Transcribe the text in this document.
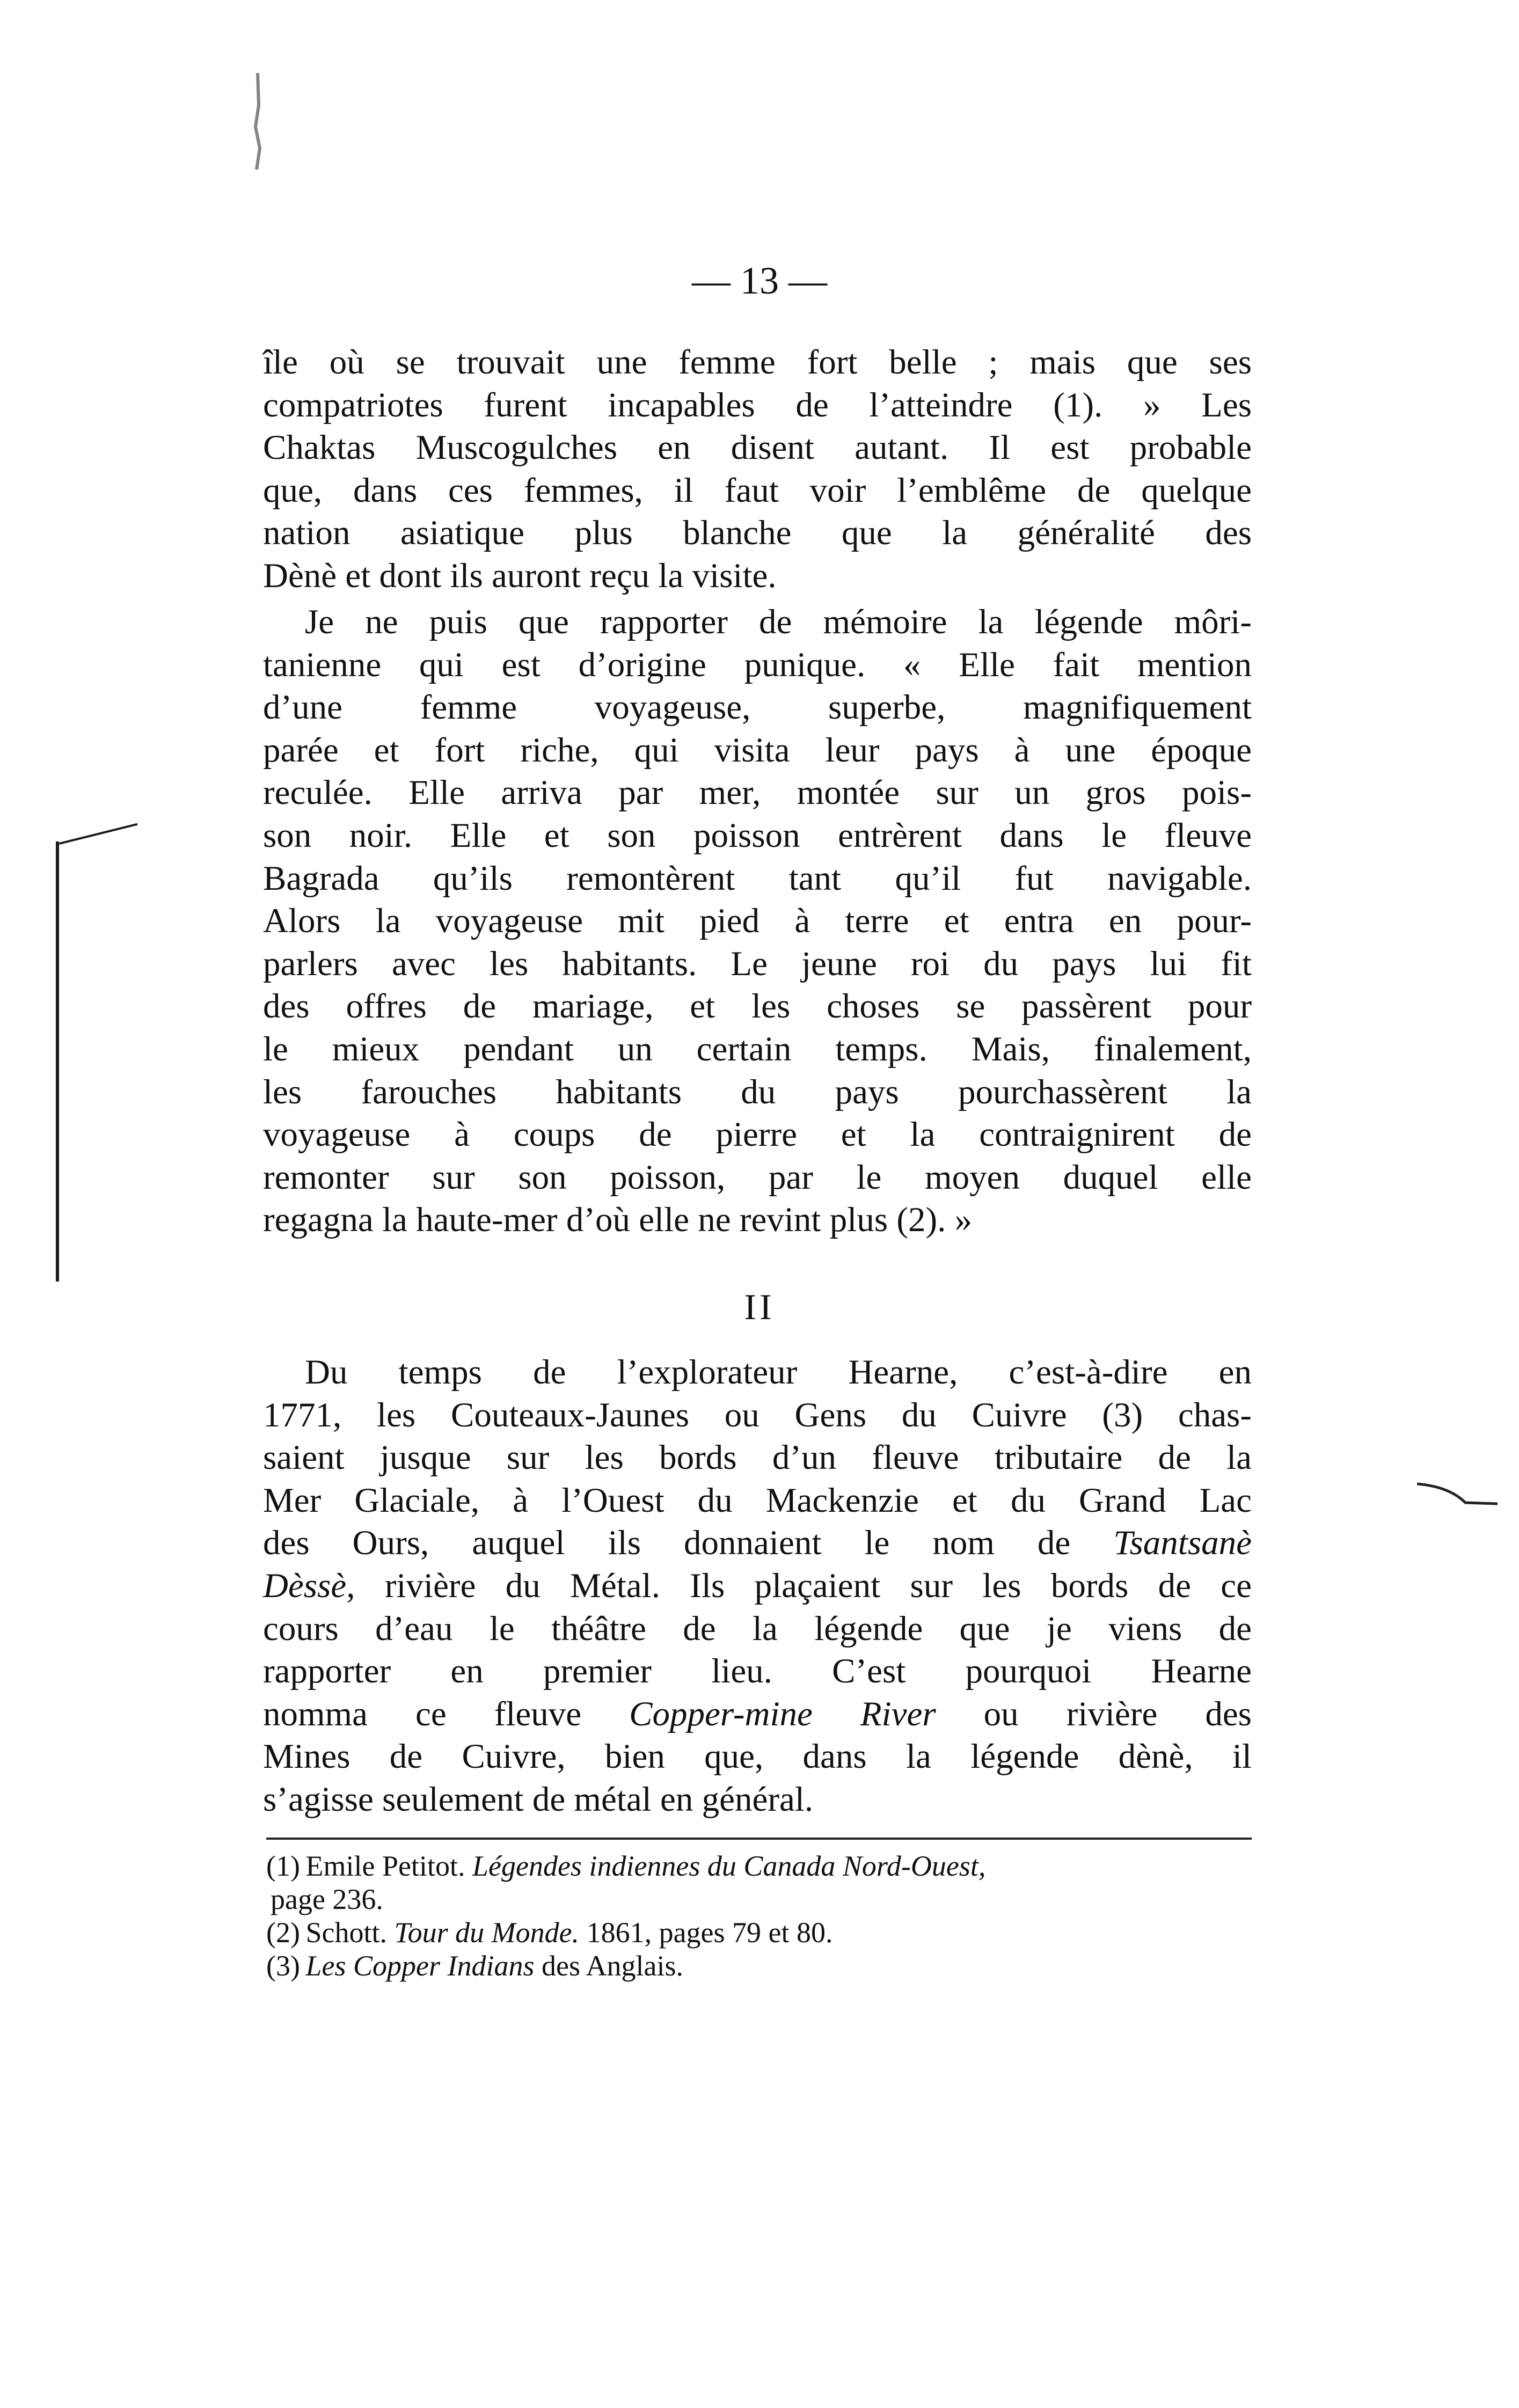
— 13 —

île où se trouvait une femme fort belle ; mais que ses
compatriotes furent incapables de l’atteindre (1). » Les
Chaktas Muscogulches en disent autant. Il est probable
que, dans ces femmes, il faut voir l’emblême de quelque
nation asiatique plus blanche que la généralité des
Dènè et dont ils auront reçu la visite.

Je ne puis que rapporter de mémoire la légende môri-
tanienne qui est d’origine punique. « Elle fait mention
d’une femme voyageuse, superbe, magnifiquement
parée et fort riche, qui visita leur pays à une époque
reculée. Elle arriva par mer, montée sur un gros pois-
son noir. Elle et son poisson entrèrent dans le fleuve
Bagrada qu’ils remontèrent tant qu’il fut navigable.
Alors la voyageuse mit pied à terre et entra en pour-
parlers avec les habitants. Le jeune roi du pays lui fit
des offres de mariage, et les choses se passèrent pour
le mieux pendant un certain temps. Mais, finalement,
les farouches habitants du pays pourchassèrent la
voyageuse à coups de pierre et la contraignirent de
remonter sur son poisson, par le moyen duquel elle
regagna la haute-mer d’où elle ne revint plus (2). »

II

Du temps de l’explorateur Hearne, c’est-à-dire en
1771, les Couteaux-Jaunes ou Gens du Cuivre (3) chas-
saient jusque sur les bords d’un fleuve tributaire de la
Mer Glaciale, à l’Ouest du Mackenzie et du Grand Lac
des Ours, auquel ils donnaient le nom de Tsantsanè
Dèssè, rivière du Métal. Ils plaçaient sur les bords de ce
cours d’eau le théâtre de la légende que je viens de
rapporter en premier lieu. C’est pourquoi Hearne
nomma ce fleuve Copper-mine River ou rivière des
Mines de Cuivre, bien que, dans la légende dènè, il
s’agisse seulement de métal en général.

(1) Emile Petitot. Légendes indiennes du Canada Nord-Ouest,

page 236.

(2) Schott. Tour du Monde. 1861, pages 79 et 80.

(3) Les Copper Indians des Anglais.
